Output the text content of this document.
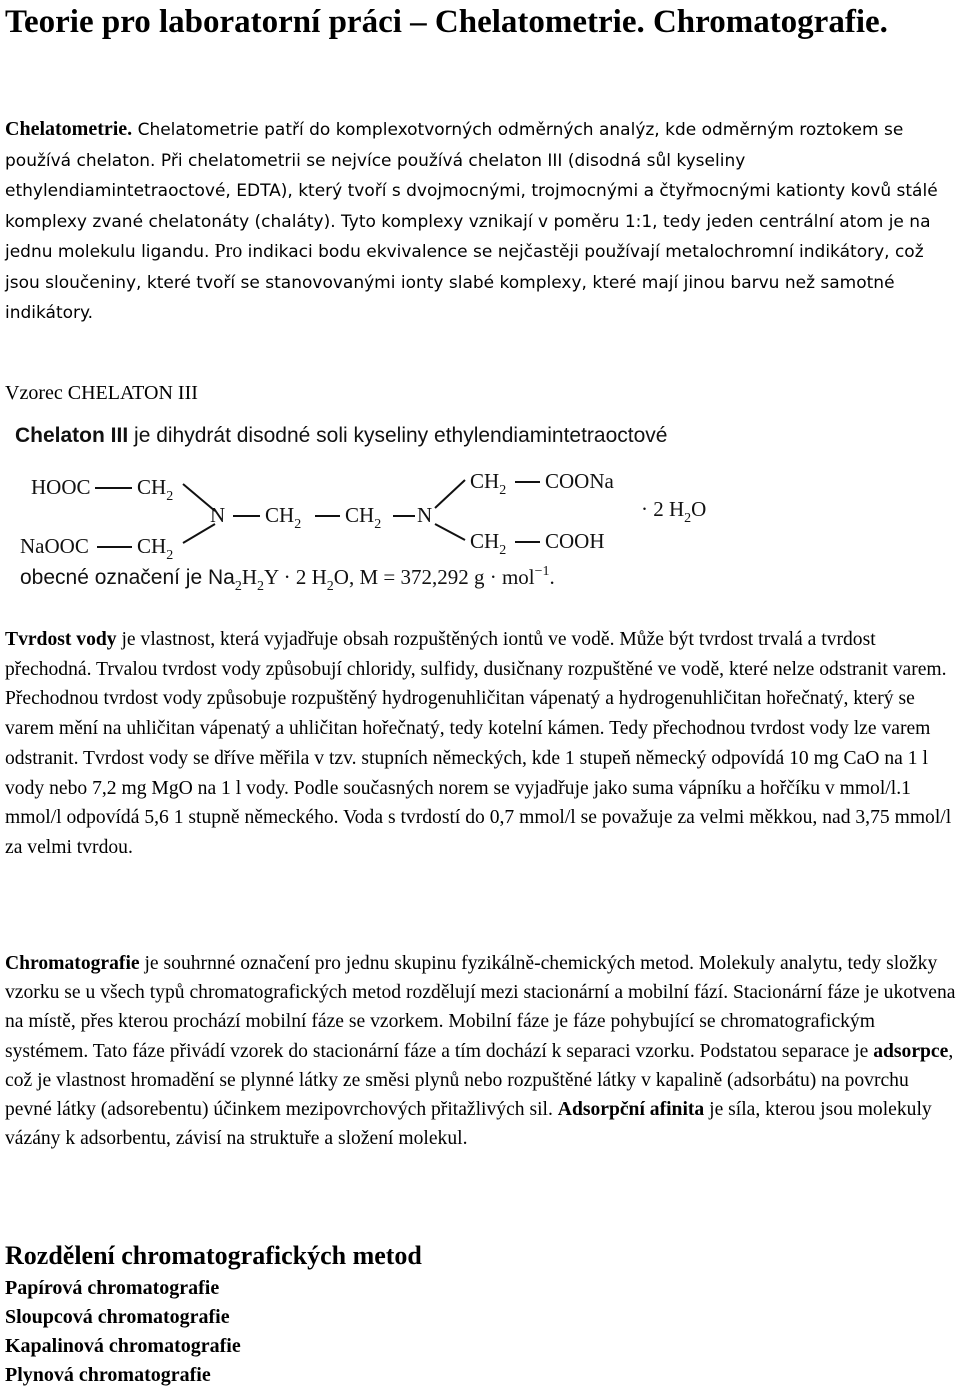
Teorie pro laboratorní práci – Chelatometrie. Chromatografie.

Chelatometrie. Chelatometrie patří do komplexotvorných odměrných analýz, kde odměrným roztokem se používá chelaton. Při chelatometrii se nejvíce používá chelaton III (disodná sůl kyseliny ethylendiamintetraoctové, EDTA), který tvoří s dvojmocnými, trojmocnými a čtyřmocnými kationty kovů stálé komplexy zvané chelatonáty (chaláty). Tyto komplexy vznikají v poměru 1:1, tedy jeden centrální atom je na jednu molekulu ligandu. Pro indikaci bodu ekvivalence se nejčastěji používají metalochromní indikátory, což jsou sloučeniny, které tvoří se stanovovanými ionty slabé komplexy, které mají jinou barvu než samotné indikátory.

Vzorec CHELATON III
Chelaton III je dihydrát disodné soli kyseliny ethylendiamintetraoctové
HOOC $CH_2$
NaOOC $CH_2$
N $CH_2$ $CH_2$ N
$CH_2$ COONa
$CH_2$ COOH
· 2 $H_2O$
obecné označení je $Na_2H_2Y \cdot 2$ $H_2O$, M = 372,292 g · mol$^{-1}$.

Tvrdost vody je vlastnost, která vyjadřuje obsah rozpuštěných iontů ve vodě. Může být tvrdost trvalá a tvrdost přechodná. Trvalou tvrdost vody způsobují chloridy, sulfidy, dusičnany rozpuštěné ve vodě, které nelze odstranit varem. Přechodnou tvrdost vody způsobuje rozpuštěný hydrogenuhličitan vápenatý a hydrogenuhličitan hořečnatý, který se varem mění na uhličitan vápenatý a uhličitan hořečnatý, tedy kotelní kámen. Tedy přechodnou tvrdost vody lze varem odstranit. Tvrdost vody se dříve měřila v tzv. stupních německých, kde 1 stupeň německý odpovídá 10 mg CaO na 1 l vody nebo 7,2 mg MgO na 1 l vody. Podle současných norem se vyjadřuje jako suma vápníku a hořčíku v mmol/l.1 mmol/l odpovídá 5,6 1 stupně německého. Voda s tvrdostí do 0,7 mmol/l se považuje za velmi měkkou, nad 3,75 mmol/l za velmi tvrdou.

Chromatografie je souhrnné označení pro jednu skupinu fyzikálně-chemických metod. Molekuly analytu, tedy složky vzorku se u všech typů chromatografických metod rozdělují mezi stacionární a mobilní fází. Stacionární fáze je ukotvena na místě, přes kterou prochází mobilní fáze se vzorkem. Mobilní fáze je fáze pohybující se chromatografickým systémem. Tato fáze přivádí vzorek do stacionární fáze a tím dochází k separaci vzorku. Podstatou separace je adsorpce, což je vlastnost hromadění se plynné látky ze směsi plynů nebo rozpuštěné látky v kapalině (adsorbátu) na povrchu pevné látky (adsorebentu) účinkem mezipovrchových přitažlivých sil. Adsorpční afinita je síla, kterou jsou molekuly vázány k adsorbentu, závisí na struktuře a složení molekul.

Rozdělení chromatografických metod
Papírová chromatografie
Sloupcová chromatografie
Kapalinová chromatografie
Plynová chromatografie
